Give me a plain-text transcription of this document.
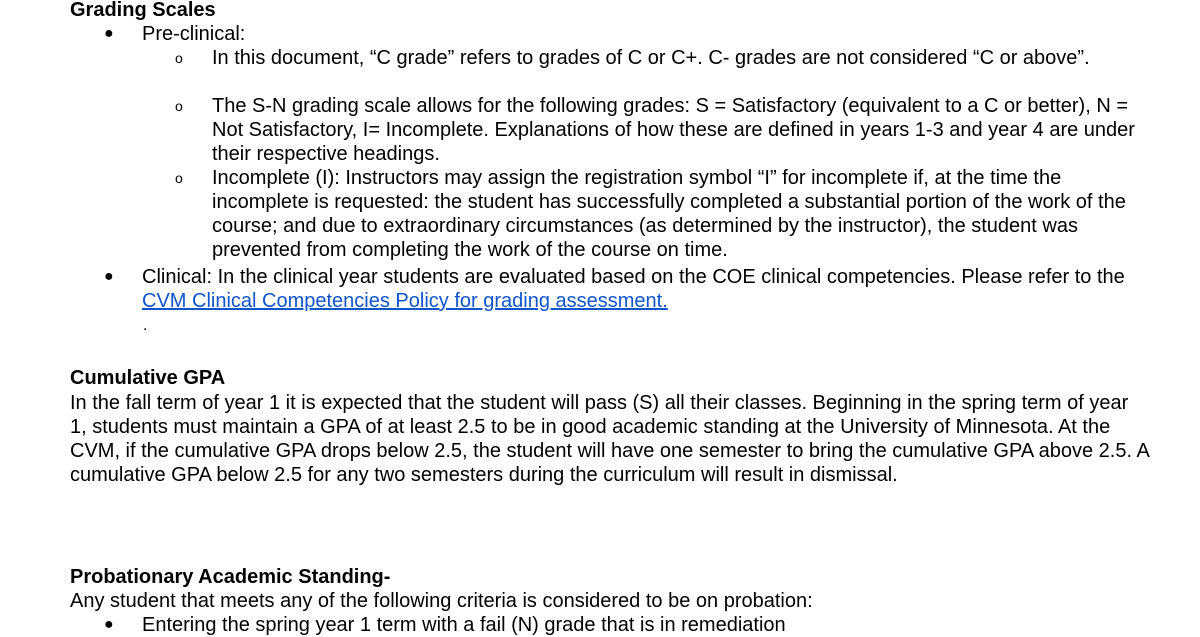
Grading Scales
● Pre-clinical:
o In this document, “C grade” refers to grades of C or C+. C- grades are not considered “C or above”.
o The S-N grading scale allows for the following grades: S = Satisfactory (equivalent to a C or better), N = Not Satisfactory, I= Incomplete. Explanations of how these are defined in years 1-3 and year 4 are under their respective headings.
o Incomplete (I): Instructors may assign the registration symbol “I” for incomplete if, at the time the incomplete is requested: the student has successfully completed a substantial portion of the work of the course; and due to extraordinary circumstances (as determined by the instructor), the student was prevented from completing the work of the course on time.
● Clinical: In the clinical year students are evaluated based on the COE clinical competencies. Please refer to the CVM Clinical Competencies Policy for grading assessment.
.
Cumulative GPA
In the fall term of year 1 it is expected that the student will pass (S) all their classes. Beginning in the spring term of year 1, students must maintain a GPA of at least 2.5 to be in good academic standing at the University of Minnesota. At the CVM, if the cumulative GPA drops below 2.5, the student will have one semester to bring the cumulative GPA above 2.5. A cumulative GPA below 2.5 for any two semesters during the curriculum will result in dismissal.
Probationary Academic Standing-
Any student that meets any of the following criteria is considered to be on probation:
● Entering the spring year 1 term with a fail (N) grade that is in remediation
